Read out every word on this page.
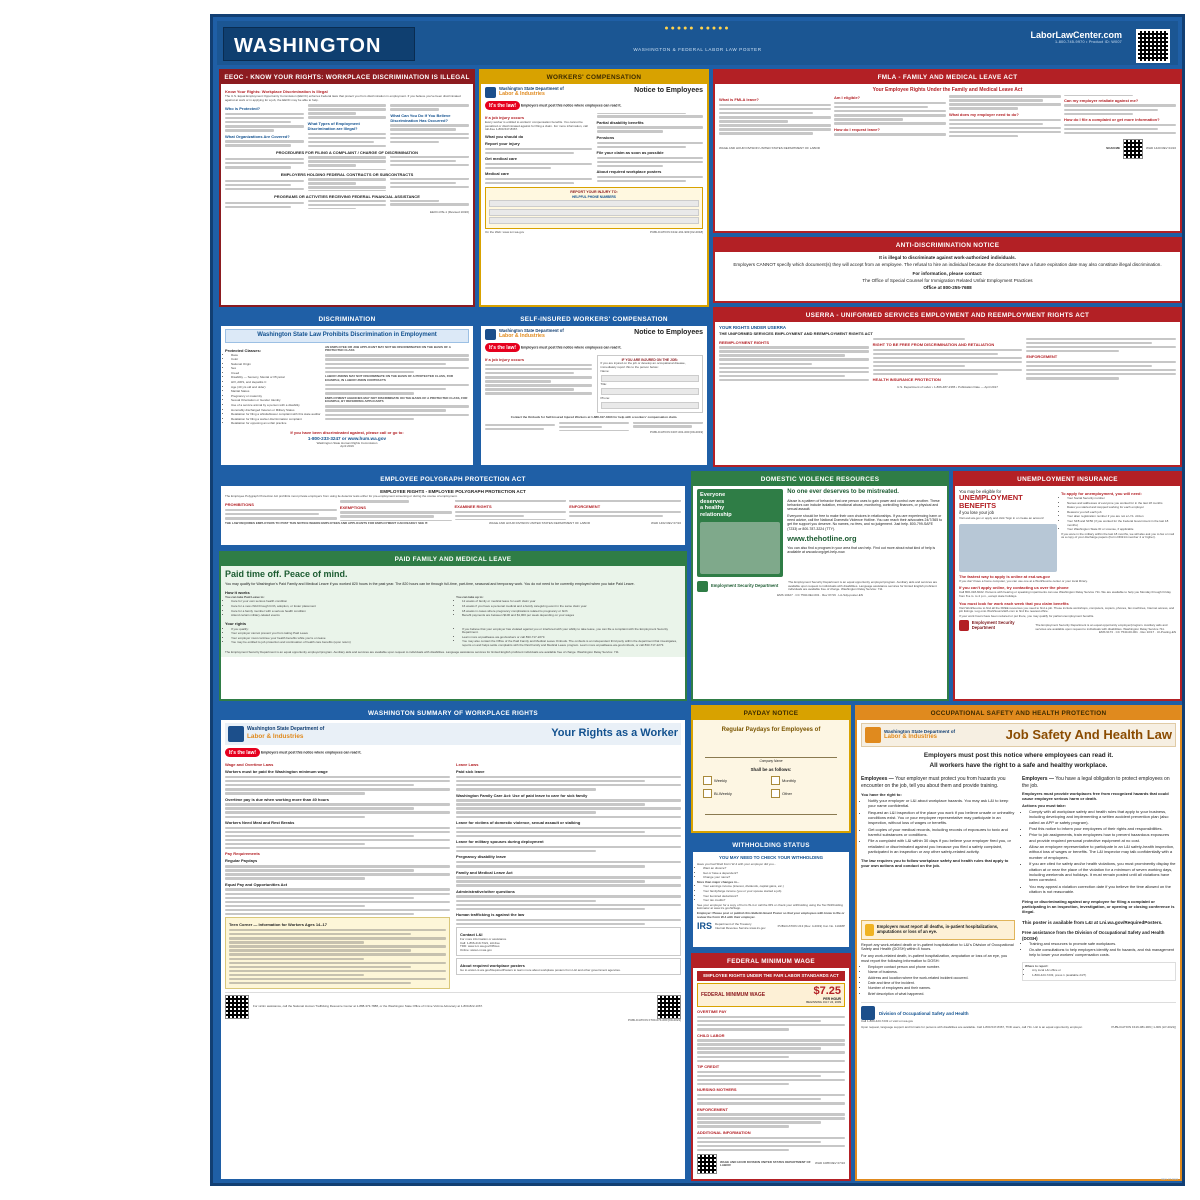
●●●●● ●●●●●
WASHINGTON	WASHINGTON & FEDERAL LABOR LAW POSTER
LaborLawCenter.com
1-800-745-9970 • Product ID: W007
EEOC - KNOW YOUR RIGHTS: WORKPLACE DISCRIMINATION IS ILLEGAL
Know Your Rights: Workplace Discrimination is Illegal
The U.S. Equal Employment Opportunity Commission (EEOC) enforces Federal laws that protect you from discrimination in employment. If you believe you've been discriminated against at work or in applying for a job, the EEOC may be able to help.
Who is Protected?
What Organizations Are Covered?
What Types of Employment Discrimination are Illegal?
What Can You Do If You Believe Discrimination Has Occurred?
PROCEDURES FOR FILING A COMPLAINT / CHARGE OF DISCRIMINATION
EMPLOYERS HOLDING FEDERAL CONTRACTS OR SUBCONTRACTS
PROGRAMS OR ACTIVITIES RECEIVING FEDERAL FINANCIAL ASSISTANCE
EEOC-P/E-1 (Revised 10/20)
WORKERS' COMPENSATION
Washington State Department of
Labor & Industries	Notice to Employees
It's the law! Employers must post this notice where employees can read it.
If a job injury occurs
Every worker is entitled to workers' compensation benefits. You cannot be penalized or discriminated against for filing a claim. For more information, call toll-free 1-800-547-8367.
What you should do
Report your injury
Get medical care
Medical care
Partial disability benefits
Pensions
File your claim as soon as possible
About required workplace posters
REPORT YOUR INJURY TO:
HELPFUL PHONE NUMBERS
On the Web: www.Lni.wa.gov	PUBLICATION F242-191-909 [02-2018]
FMLA - FAMILY AND MEDICAL LEAVE ACT
Your Employee Rights Under the Family and Medical Leave Act
What is FMLA leave?	Am I eligible?
How do I request leave?
What does my employer need to do?
Can my employer retaliate against me?
How do I file a complaint or get more information?
WAGE AND HOUR DIVISION UNITED STATES DEPARTMENT OF LABOR	SCAN ME	WHD 1420 REV 04/16
ANTI-DISCRIMINATION NOTICE
It is illegal to discriminate against work-authorized individuals.
Employers CANNOT specify which document(s) they will accept from an employee. The refusal to hire an individual because the documents have a future expiration date may also constitute illegal discrimination.
For information, please contact:
The Office of Special Counsel for Immigration Related Unfair Employment Practices
Office at 800-255-7688
DISCRIMINATION
Washington State Law Prohibits Discrimination in Employment
Protected Classes:
• Race
• Color
• National Origin
• Sex
• Creed
• Disability — Sensory, Mental or Physical
• HIV, AIDS, and Hepatitis C
• Age (40 yrs old and older)
• Marital Status
• Pregnancy or maternity
• Sexual Orientation or Gender Identity
• Use of a service animal by a person with a disability
• Honorably discharged Veteran or Military Status
• Retaliation for filing a whistleblower complaint with this state auditor
• Retaliation for filing a worker discrimination complaint
• Retaliation for opposing an unfair practice
AN EMPLOYEE OR JOB APPLICANT MAY NOT BE DISCRIMINATED ON THE BASIS OF A PROTECTED CLASS
LABOR UNIONS MAY NOT DISCRIMINATE ON THE BASIS OF A PROTECTED CLASS, FOR EXAMPLE, IN LABOR UNION CONTRACTS
EMPLOYMENT AGENCIES MAY NOT DISCRIMINATE ON THE BASIS OF A PROTECTED CLASS, FOR EXAMPLE, BY REFERRING APPLICANTS
If you have been discriminated against, please call or go to:
1-800-233-3247 or www.hum.wa.gov
Washington State Human Rights Commission
April 2019
SELF-INSURED WORKERS' COMPENSATION
Washington State Department of
Labor & Industries	Notice to Employees
It's the law! Employers must post this notice where employees can read it.
If a job injury occurs	IF YOU ARE INJURED ON THE JOB:
If you are injured on the job or develop an occupational disease, immediately report this to the person below:
Name:
Title:
Phone:
Contact the Ombuds for Self-Insured Injured Workers at 1-888-317-0493 for help with a workers' compensation claim.
PUBLICATION F207-001-000 [09-2019]
USERRA - UNIFORMED SERVICES EMPLOYMENT AND REEMPLOYMENT RIGHTS ACT
YOUR RIGHTS UNDER USERRA
THE UNIFORMED SERVICES EMPLOYMENT AND REEMPLOYMENT RIGHTS ACT
REEMPLOYMENT RIGHTS	RIGHT TO BE FREE FROM DISCRIMINATION AND RETALIATION
HEALTH INSURANCE PROTECTION
ENFORCEMENT
U.S. Department of Labor • 1-866-487-2365 • Publication Date — April 2017
EMPLOYEE POLYGRAPH PROTECTION ACT
EMPLOYEE RIGHTS - EMPLOYEE POLYGRAPH PROTECTION ACT
The Employee Polygraph Protection Act prohibits most private employers from using lie detector tests either for pre-employment screening or during the course of employment.
PROHIBITIONS	EXEMPTIONS	EXAMINEE RIGHTS	ENFORCEMENT
THE LAW REQUIRES EMPLOYERS TO POST THIS NOTICE WHERE EMPLOYEES AND APPLICANTS FOR EMPLOYMENT CAN READILY SEE IT.	WAGE AND HOUR DIVISION UNITED STATES DEPARTMENT OF LABOR	WHD 1462 REV 07/16
PAID FAMILY AND MEDICAL LEAVE
Paid time off. Peace of mind.
You may qualify for Washington's Paid Family and Medical Leave if you worked 820 hours in the past year. The 820 hours can be through full-time, part-time, seasonal and temporary work. You do not need to be currently employed when you take Paid Leave.
How it works
You can take Paid Leave to:
• Care for your own serious health condition
• Care for a new child through birth, adoption, or foster placement
• Care for a family member with a serious health condition
• Attend certain military-related events
You can take up to:
• 12 weeks of family or medical leave for each claim year
• 16 weeks if you have a personal medical and a family caregiving event in the same claim year
• 18 weeks in cases where pregnancy complications related to pregnancy or birth
• Benefit payments are between $100 and $1,000 per week depending on your wages
Your rights
• If you qualify:
• Your employer cannot prevent you from taking Paid Leave
• Your employer must continue your health benefits while you're on leave
• You may be entitled to job protection and continuation of health care benefits (upon return)
• If you believe that your employer has violated against you or interfered with your ability to take leave, you can file a complaint with the Employment Security Department.
• Learn more at paidleave.wa.gov/workers or call 833-717-2273.
• You may also contact the Office of the Paid Family and Medical Leave Ombuds. The ombuds is an independent third party within the department that investigates, reports on and helps settle complaints with the Paid Family and Medical Leave program. Learn more at paidleave.wa.gov/ombuds, or call 833-717-2273.
The Employment Security Department is an equal opportunity employer/program. Auxiliary aids and services are available upon request to individuals with disabilities. Language assistance services for limited English proficient individuals are available free of charge. Washington Relay Service: 711
DOMESTIC VIOLENCE RESOURCES
Everyone
deserves
a healthy
relationship
No one ever deserves to be mistreated.
Abuse is a pattern of behavior that one person uses to gain power and control over another. These behaviors can include isolation, emotional abuse, monitoring, controlling finances, or physical and sexual assault.
Everyone should be free to make their own choices in relationships. If you are experiencing harm or need advice, call the National Domestic Violence Hotline. You can reach their advocates 24/7/365 to get the support you deserve. No names, no fees, and no judgement. Just help. 800-799-SAFE (7233) or 800-787-3224 (TTY).
www.thehotline.org
You can also find a program in your area that can help. Find out more about what kind of help is available at wscadv.org/get-help-now.
Employment Security Department
The Employment Security Department is an equal opportunity employer/program. Auxiliary aids and services are available upon request to individuals with disabilities. Language assistance services for limited English proficient individuals are available free of charge. Washington Relay Service: 711
EMS 10427 · CC 7540-0EJ-001 · Rev 07/19 · LA-Sdp-poster-EN
UNEMPLOYMENT INSURANCE
You may be eligible for
UNEMPLOYMENT BENEFITS
if you lose your job
Visit esd.wa.gov or apply and click 'Sign in or create an account'
To apply for unemployment, you will need:
• Your Social Security number
• Names and addresses of everyone you worked for in the last 18 months
• Dates you started and stopped working for each employer
• Reasons you left each job
• Your alien registration number if you are not a U.S. citizen
• Your SF8 and SF50 (if you worked for the Federal Government in the last 18 months)
• Your Washington State ID or License, if applicable
If you were in the military within the last 18 months, we will also ask you to fax or mail us a copy of your discharge papers (Form DD214 member 4 or higher).
The fastest way to apply is online at esd.wa.gov
If you don't have a home computer, you can use one at a WorkSource center or your local library.
If you can't apply online, try contacting us over the phone
Call 800-318-6022. Persons with hearing or speaking impairments can use Washington Relay Service 711. We are available to help you Monday through Friday from 8 a.m. to 4 p.m., except state holidays.
You must look for work each week that you claim benefits
Visit WorkSource to find all the FREE resources you need to find a job. These include workshops, computers, copiers, phones, fax machines, Internet access, and job listings. Log onto WorkSourceWA.com to find the nearest office.
If your work hours have been reduced or put there, you may qualify for partial unemployment benefits.
Employment Security Department	The Employment Security Department is an equal opportunity employer/program. Auxiliary aids and services are available upon request to individuals with disabilities. Washington Relay Service 711.
EMS 9173 · CC 7540-00-001 · Rev 10/17 · UI-Posting-EN
WASHINGTON SUMMARY OF WORKPLACE RIGHTS
Washington State Department of
Labor & Industries	Your Rights as a Worker
It's the law! Employers must post this notice where employees can read it.
Wage and Overtime Laws
Workers must be paid the Washington minimum wage
Overtime pay is due when working more than 40 hours
Workers Need Meal and Rest Breaks
Pay Requirements
Regular Paydays
Equal Pay and Opportunities Act
Teen Corner — Information for Workers Ages 14–17
Leave Laws
Paid sick leave
Washington Family Care Act: Use of paid leave to care for sick family
Leave for victims of domestic violence, sexual assault or stalking
Leave for military spouses during deployment
Pregnancy disability leave
Family and Medical Leave Act
Administrative/other questions
Human trafficking is against the law
Contact L&I
For more information or assistance
Call: 1-866-219-7321, toll-free
TDD: www.Lni.wa.gov/Offices
Online: www.Lni.wa.gov
About required workplace posters
Go to www.Lni.wa.gov/RequiredPosters to learn more about workplace posters from L&I and other government agencies.
For victim assistance, call the National Human Trafficking Resource Center at 1-888-373-7888, or the Washington State Office of Crime Victims Advocacy at 1-800-822-1067.
PUBLICATION F700-074-000 [09-2021]
PAYDAY NOTICE
Regular Paydays for Employees of
Company Name
Shall be as follows:
Weekly	Monthly
Bi-Weekly	Other
WITHHOLDING STATUS
YOU MAY NEED TO CHECK YOUR WITHHOLDING
Have you had Shell Form W-4 with your employer did you...
• Want an divorce?
• Get or have a dependent?
• Change your name?
More than major changes in...
• Your earnings income (interest, dividends, capital gains, etc.)
• Your family/large income (you or your spouse started a job)
• Your itemized deductions?
• Your tax credits?
See your employer for a copy of Form W-4 or call the IRS or check your withholding using the Tax Withholding Estimator at www.irs.gov/W4app.
Employer: Please post or publish this Bulletin Board Poster so that your employees with know to file or review the Form W-4 with their employer.
IRS Department of the Treasury
Internal Revenue Service www.irs.gov	PUBLICATION 213 (Rev. 4-2019) Cat. No. 11048P
FEDERAL MINIMUM WAGE
EMPLOYEE RIGHTS UNDER THE FAIR LABOR STANDARDS ACT
FEDERAL MINIMUM WAGE	$7.25
PER HOUR
BEGINNING JULY 24, 2009
OVERTIME PAY
CHILD LABOR
TIP CREDIT
NURSING MOTHERS
ENFORCEMENT
ADDITIONAL INFORMATION
WAGE AND HOUR DIVISION UNITED STATES DEPARTMENT OF LABOR	WHD 1088 REV 07/16
OCCUPATIONAL SAFETY AND HEALTH PROTECTION
Washington State Department of
Labor & Industries	Job Safety And Health Law
Employers must post this notice where employees can read it.
All workers have the right to a safe and healthy workplace.
Employees — Your employer must protect you from hazards you encounter on the job, tell you about them and provide training.
You have the right to:
• Notify your employer or L&I about workplace hazards. You may ask L&I to keep your name confidential.
• Request an L&I inspection of the place you work if you believe unsafe or unhealthy conditions exist. You or your employee representative may participate in an inspection, without loss of wages or benefits.
• Get copies of your medical records, including records of exposures to toxic and harmful substances or conditions.
• File a complaint with L&I within 30 days if you believe your employer fired you, or retaliated or discriminated against you because you filed a safety complaint, participated in an inspection or any other safety-related activity.
The law requires you to follow workplace safety and health rules that apply to your own actions and conduct on the job.
Employers — You have a legal obligation to protect employees on the job.
Employers must provide workplaces free from recognized hazards that could cause employee serious harm or death.
Actions you must take:
• Comply with all workplace safety and health rules that apply to your business, including developing and implementing a written accident prevention plan (also called an APP or safety program).
• Post this notice to inform your employees of their rights and responsibilities.
• Prior to job assignments, train employees how to prevent hazardous exposures and provide required personal protective equipment at no cost.
• Allow an employee representative to participate in an L&I safety-health inspection, without loss of wages or benefits. The L&I inspector may talk confidentially with a number of employees.
• If you are cited for safety and/or health violations, you must prominently display the citation at or near the place of the violation for a minimum of seven working days, including weekends and holidays. It must remain posted until all violations have been corrected.
• You may appeal a violation correction date if you believe the time allowed on the citation is not reasonable.
Firing or discriminating against any employee for filing a complaint or participating in an inspection, investigation, or opening or closing conference is illegal.
Employers must report all deaths, in-patient hospitalizations, amputations or loss of an eye.
Report any work-related death or in-patient hospitalization to L&I's Division of Occupational Safety and Health (DOSH) within 8 hours.
For any work-related death, in-patient hospitalization, amputation or loss of an eye, you must report the following information to DOSH:
• Employer contact person and phone number.
• Name of business.
• Address and location where the work-related incident occurred.
• Date and time of the incident.
• Number of employees and their names.
• Brief description of what happened.
This poster is available from L&I at Lni.wa.gov/RequiredPosters.
Free assistance from the Division of Occupational Safety and Health (DOSH)
• Training and resources to promote safe workplaces.
• On-site consultations to help employers identify and fix hazards, and risk management help to lower your workers' compensation costs.
Where to report:
• Any local L&I office or
• 1-800-423-7233, press 1 (available 24/7)
Division of Occupational Safety and Health
Call 1-800-423-7233 or visit Lni.wa.gov
Upon request, language support and formats for persons with disabilities are available. Call 1-800-547-8367, TDD users, call 711. L&I is an equal opportunity employer.	PUBLICATION F416-081-909 [ 1-909 (LP-2021)]
REV 07.2022
